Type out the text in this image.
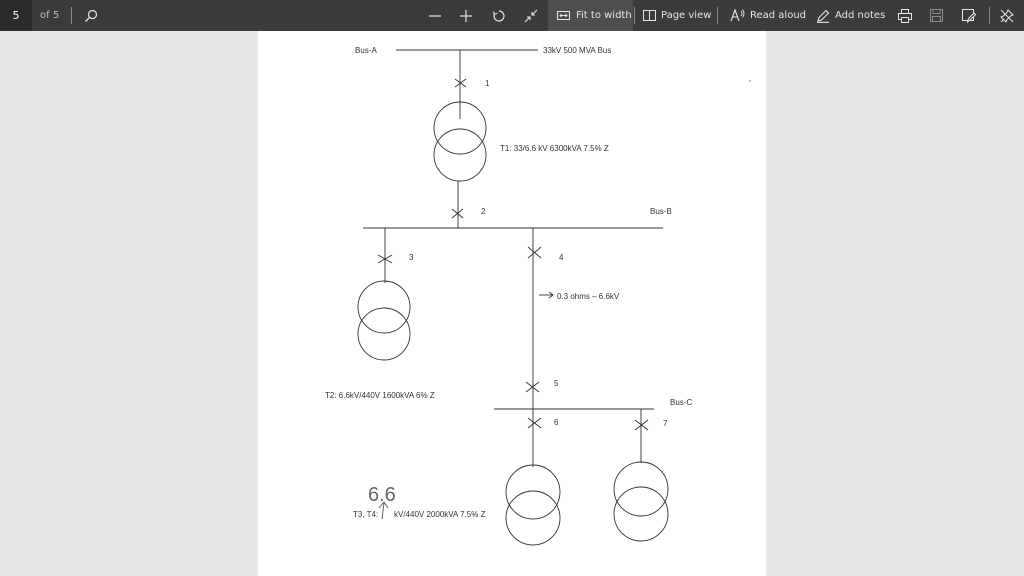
5 of 5	Fit to width	Page view	Read aloud	Add notes
Bus-A	33kV 500 MVA Bus
1
T1: 33/6.6 kV 6300kVA 7.5% Z
2	Bus-B
3	4
0.3 ohms – 6.6kV
T2: 6.6kV/440V 1600kVA 6% Z
5
Bus-C
6	7
6.6
T3, T4: kV/440V 2000kVA 7.5% Z
